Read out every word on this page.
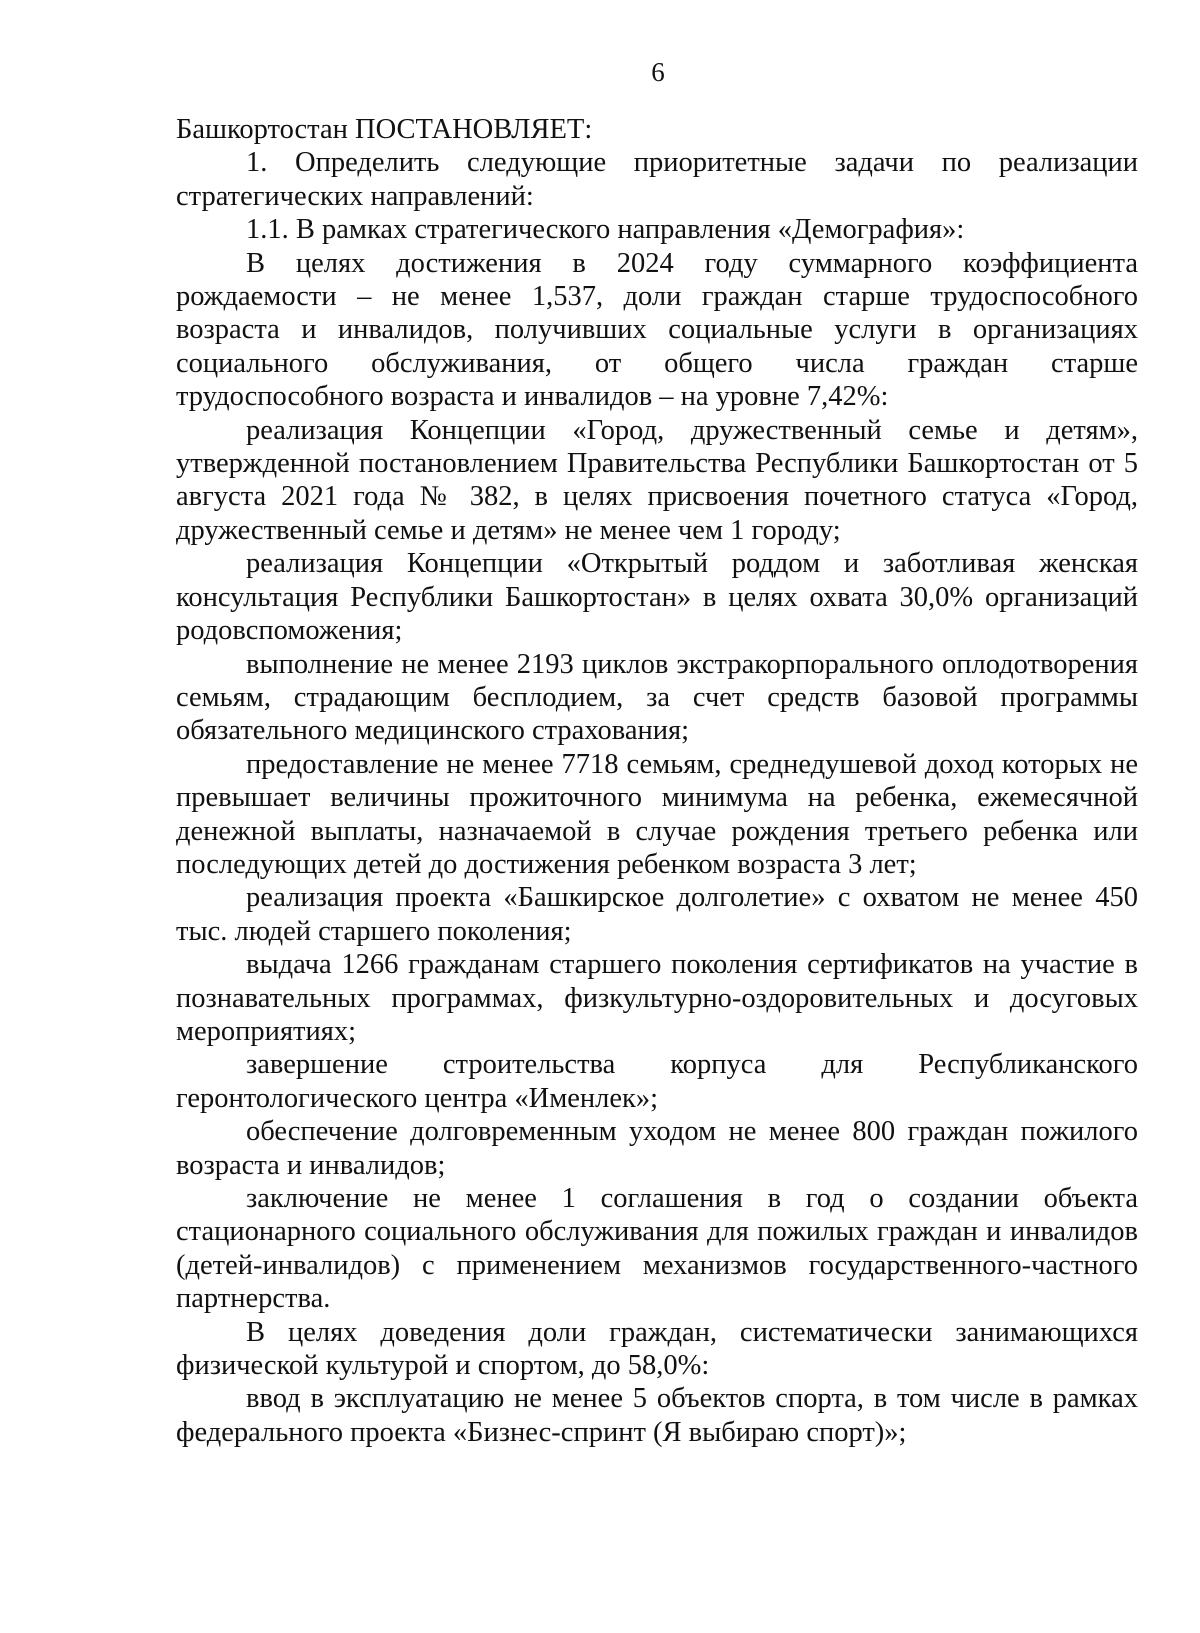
6

Башкортостан ПОСТАНОВЛЯЕТ:

1. Определить следующие приоритетные задачи по реализации стратегических направлений:

1.1. В рамках стратегического направления «Демография»:

В целях достижения в 2024 году суммарного коэффициента рождаемости – не менее 1,537, доли граждан старше трудоспособного возраста и инвалидов, получивших социальные услуги в организациях социального обслуживания, от общего числа граждан старше трудоспособного возраста и инвалидов – на уровне 7,42%:

реализация Концепции «Город, дружественный семье и детям», утвержденной постановлением Правительства Республики Башкортостан от 5 августа 2021 года № 382, в целях присвоения почетного статуса «Город, дружественный семье и детям» не менее чем 1 городу;

реализация Концепции «Открытый роддом и заботливая женская консультация Республики Башкортостан» в целях охвата 30,0% организаций родовспоможения;

выполнение не менее 2193 циклов экстракорпорального оплодотворения семьям, страдающим бесплодием, за счет средств базовой программы обязательного медицинского страхования;

предоставление не менее 7718 семьям, среднедушевой доход которых не превышает величины прожиточного минимума на ребенка, ежемесячной денежной выплаты, назначаемой в случае рождения третьего ребенка или последующих детей до достижения ребенком возраста 3 лет;

реализация проекта «Башкирское долголетие» с охватом не менее 450 тыс. людей старшего поколения;

выдача 1266 гражданам старшего поколения сертификатов на участие в познавательных программах, физкультурно-оздоровительных и досуговых мероприятиях;

завершение строительства корпуса для Республиканского геронтологического центра «Именлек»;

обеспечение долговременным уходом не менее 800 граждан пожилого возраста и инвалидов;

заключение не менее 1 соглашения в год о создании объекта стационарного социального обслуживания для пожилых граждан и инвалидов (детей-инвалидов) с применением механизмов государственного-частного партнерства.

В целях доведения доли граждан, систематически занимающихся физической культурой и спортом, до 58,0%:

ввод в эксплуатацию не менее 5 объектов спорта, в том числе в рамках федерального проекта «Бизнес-спринт (Я выбираю спорт)»;
